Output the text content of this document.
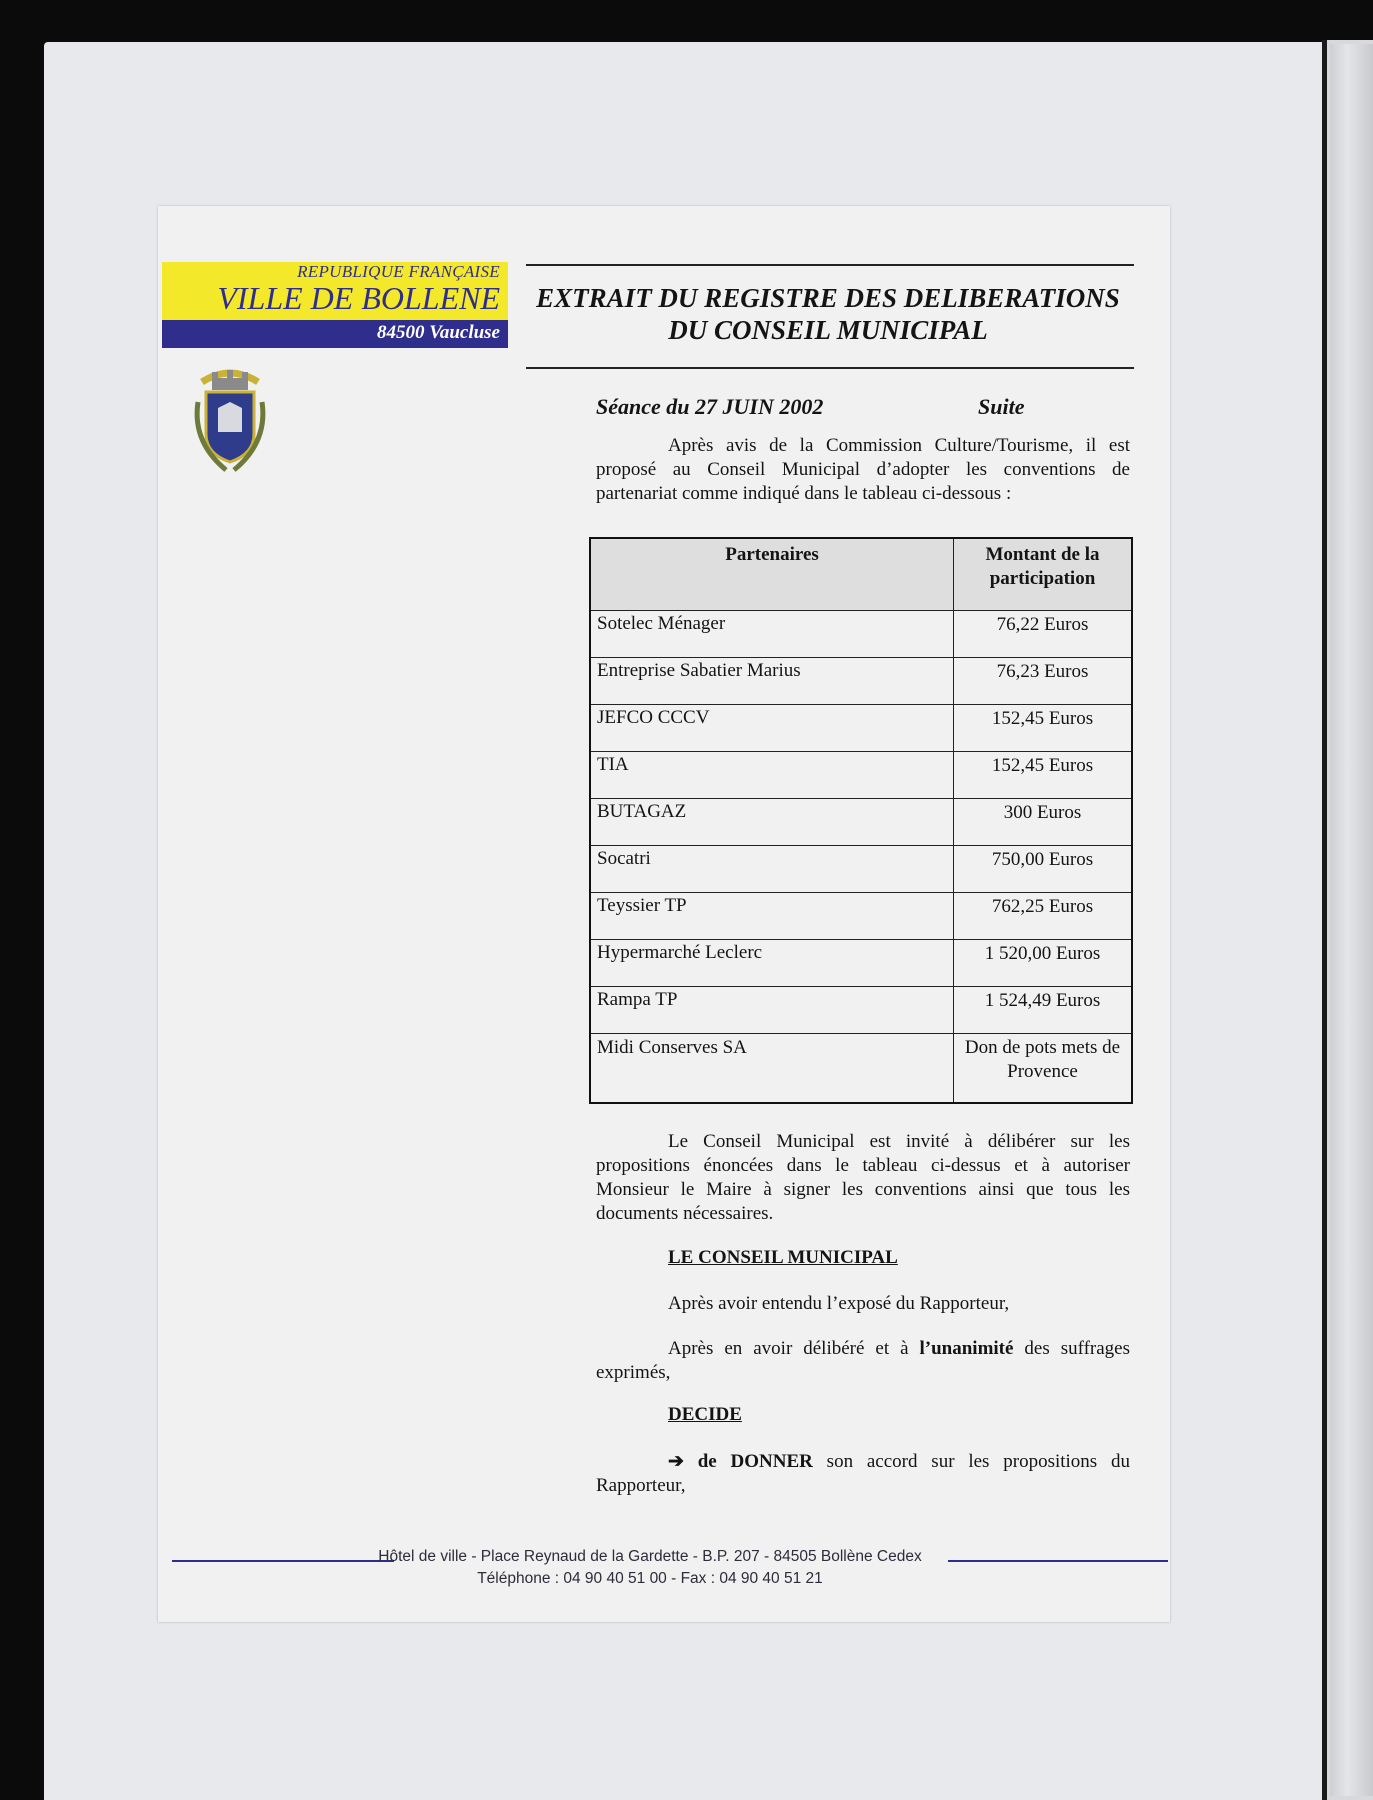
REPUBLIQUE FRANÇAISE
VILLE DE BOLLENE
84500 Vaucluse
EXTRAIT DU REGISTRE DES DELIBERATIONS
DU CONSEIL MUNICIPAL
Séance du 27 JUIN 2002	Suite

Après avis de la Commission Culture/Tourisme, il est proposé au Conseil Municipal d’adopter les conventions de partenariat comme indiqué dans le tableau ci-dessous :

Partenaires	Montant de la participation
Sotelec Ménager	76,22 Euros
Entreprise Sabatier Marius	76,23 Euros
JEFCO CCCV	152,45 Euros
TIA	152,45 Euros
BUTAGAZ	300 Euros
Socatri	750,00 Euros
Teyssier TP	762,25 Euros
Hypermarché Leclerc	1 520,00 Euros
Rampa TP	1 524,49 Euros
Midi Conserves SA	Don de pots mets de Provence

Le Conseil Municipal est invité à délibérer sur les propositions énoncées dans le tableau ci-dessus et à autoriser Monsieur le Maire à signer les conventions ainsi que tous les documents nécessaires.

LE CONSEIL MUNICIPAL

Après avoir entendu l’exposé du Rapporteur,

Après en avoir délibéré et à l’unanimité des suffrages exprimés,

DECIDE

➔ de DONNER son accord sur les propositions du Rapporteur,

Hôtel de ville - Place Reynaud de la Gardette - B.P. 207 - 84505 Bollène Cedex
Téléphone : 04 90 40 51 00 - Fax : 04 90 40 51 21
